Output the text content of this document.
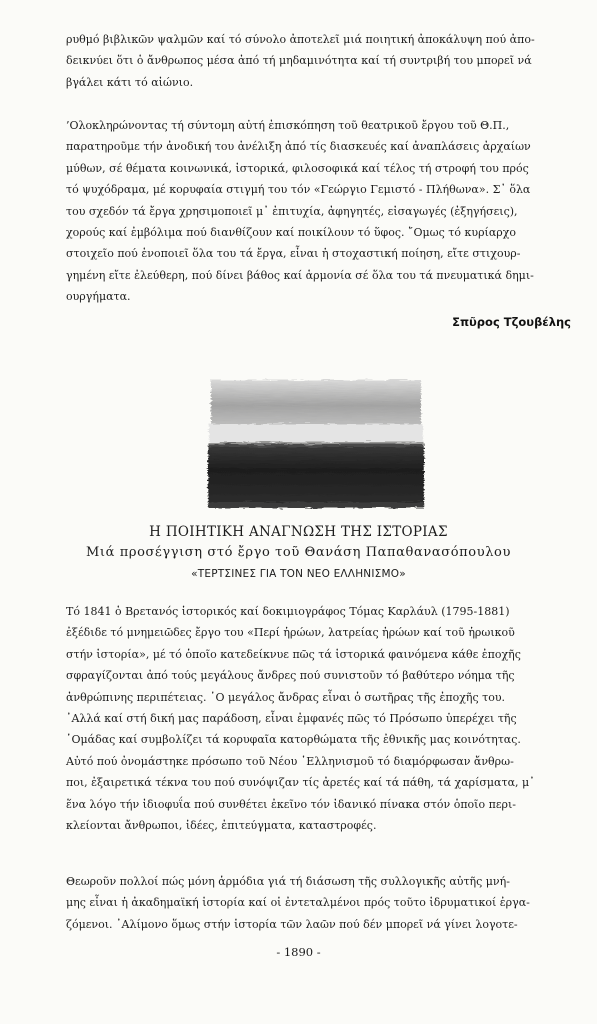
ρυθμό βιβλικῶν ψαλμῶν καί τό σύνολο ἀποτελεῖ μιά ποιητική ἀποκάλυψη πού ἀπο-
δεικνύει ὅτι ὁ ἄνθρωπος μέσα ἀπό τή μηδαμινότητα καί τή συντριβή του μπορεῖ νά
βγάλει κάτι τό αἰώνιο.

’Ολοκληρώνοντας τή σύντομη αὐτή ἐπισκόπηση τοῦ θεατρικοῦ ἔργου τοῦ Θ.Π.,
παρατηροῦμε τήν ἀνοδική του ἀνέλιξη ἀπό τίς διασκευές καί ἀναπλάσεις ἀρχαίων
μύθων, σέ θέματα κοινωνικά, ἱστορικά, φιλοσοφικά καί τέλος τή στροφή του πρός
τό ψυχόδραμα, μέ κορυφαία στιγμή του τόν «Γεώργιο Γεμιστό - Πλήθωνα». Σ᾽ ὅλα
του σχεδόν τά ἔργα χρησιμοποιεῖ μ᾽ ἐπιτυχία, ἀφηγητές, εἰσαγωγές (ἐξηγήσεις),
χορούς καί ἐμβόλιμα πού διανθίζουν καί ποικίλουν τό ὕφος. ῎Ομως τό κυρίαρχο
στοιχεῖο πού ἑνοποιεῖ ὅλα του τά ἔργα, εἶναι ἡ στοχαστική ποίηση, εἴτε στιχουρ-
γημένη εἴτε ἐλεύθερη, πού δίνει βάθος καί ἁρμονία σέ ὅλα του τά πνευματικά δημι-
ουργήματα.

Σπῦρος Τζουβέλης
Η ΠΟΙΗΤΙΚΗ ΑΝΑΓΝΩΣΗ ΤΗΣ ΙΣΤΟΡΙΑΣ
Μιά προσέγγιση στό ἔργο τοῦ Θανάση Παπαθανασόπουλου
«ΤΕΡΤΣΙΝΕΣ ΓΙΑ ΤΟΝ ΝΕΟ ΕΛΛΗΝΙΣΜΟ»

Τό 1841 ὁ Βρετανός ἱστορικός καί δοκιμιογράφος Τόμας Καρλάυλ (1795-1881)
ἐξέδιδε τό μνημειῶδες ἔργο του «Περί ἡρώων, λατρείας ἡρώων καί τοῦ ἡρωικοῦ
στήν ἱστορία», μέ τό ὁποῖο κατεδείκνυε πῶς τά ἱστορικά φαινόμενα κάθε ἐποχῆς
σφραγίζονται ἀπό τούς μεγάλους ἄνδρες πού συνιστοῦν τό βαθύτερο νόημα τῆς
ἀνθρώπινης περιπέτειας. ῾Ο μεγάλος ἄνδρας εἶναι ὁ σωτῆρας τῆς ἐποχῆς του.
᾽Αλλά καί στή δική μας παράδοση, εἶναι ἐμφανές πῶς τό Πρόσωπο ὑπερέχει τῆς
῾Ομάδας καί συμβολίζει τά κορυφαῖα κατορθώματα τῆς ἐθνικῆς μας κοινότητας.
Αὐτό πού ὀνομάστηκε πρόσωπο τοῦ Νέου ῾Ελληνισμοῦ τό διαμόρφωσαν ἄνθρω-
ποι, ἐξαιρετικά τέκνα του πού συνόψιζαν τίς ἀρετές καί τά πάθη, τά χαρίσματα, μ᾽
ἕνα λόγο τήν ἰδιοφυΐα πού συνθέτει ἐκεῖνο τόν ἰδανικό πίνακα στόν ὁποῖο περι-
κλείονται ἄνθρωποι, ἰδέες, ἐπιτεύγματα, καταστροφές.

Θεωροῦν πολλοί πώς μόνη ἁρμόδια γιά τή διάσωση τῆς συλλογικῆς αὐτῆς μνή-
μης εἶναι ἡ ἀκαδημαϊκή ἱστορία καί οἱ ἐντεταλμένοι πρός τοῦτο ἱδρυματικοί ἐργα-
ζόμενοι. ᾽Αλίμονο ὅμως στήν ἱστορία τῶν λαῶν πού δέν μπορεῖ νά γίνει λογοτε-

- 1890 -
